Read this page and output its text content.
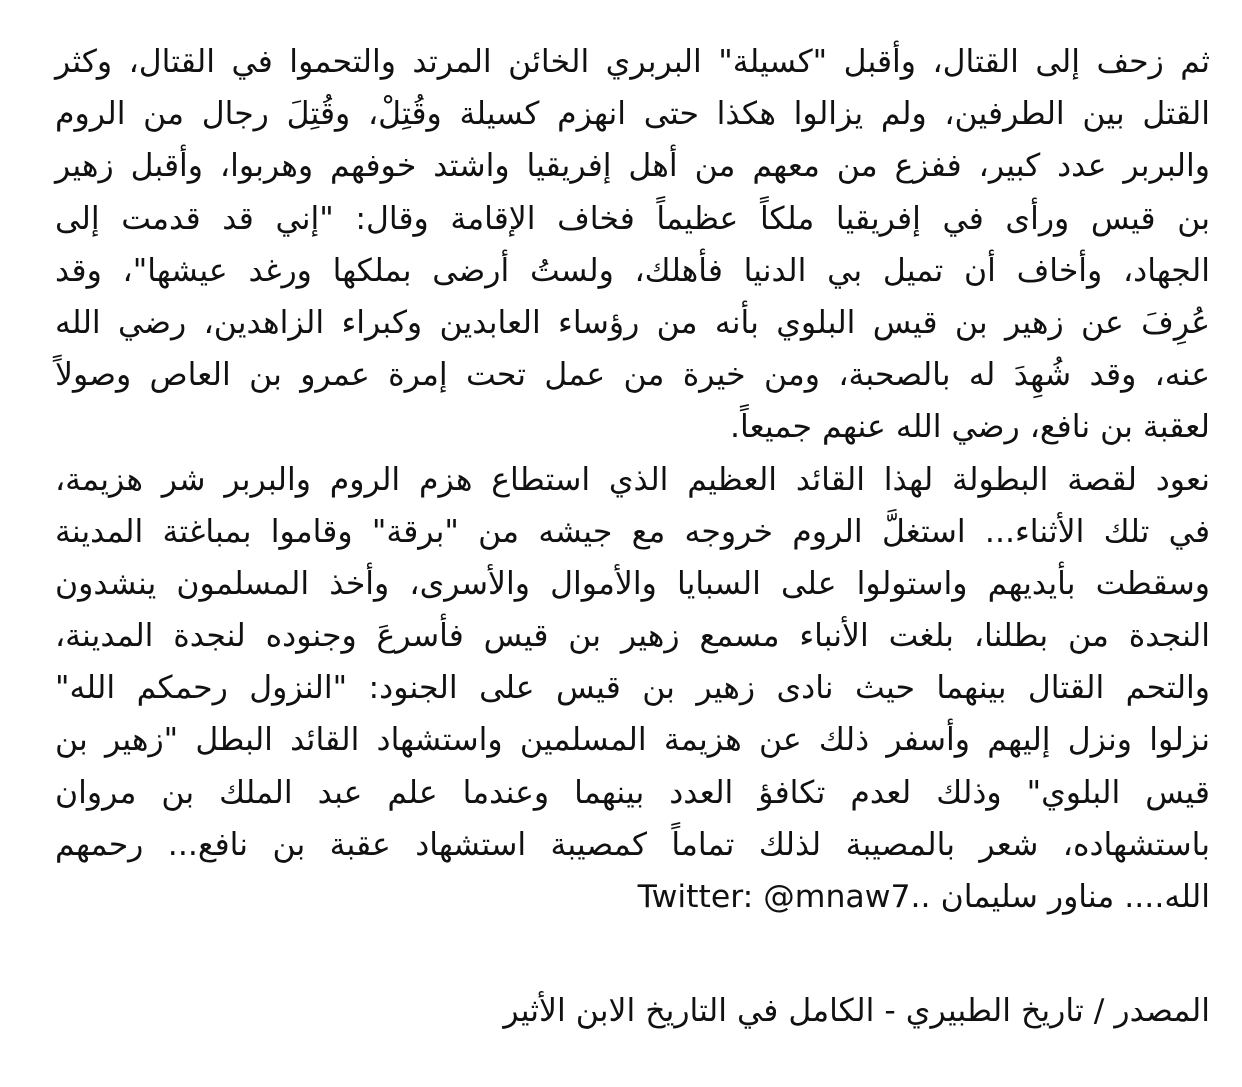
ثم زحف إلى القتال، وأقبل "كسيلة" البربري الخائن المرتد والتحموا في القتال، وكثر
القتل بين الطرفين، ولم يزالوا هكذا حتى انهزم كسيلة وقُتِلْ، وقُتِلَ رجال من الروم
والبربر عدد كبير، ففزع من معهم من أهل إفريقيا واشتد خوفهم وهربوا، وأقبل زهير
بن قيس ورأى في إفريقيا ملكاً عظيماً فخاف الإقامة وقال: "إني قد قدمت إلى
الجهاد، وأخاف أن تميل بي الدنيا فأهلك، ولستُ أرضى بملكها ورغد عيشها"، وقد
عُرِفَ عن زهير بن قيس البلوي بأنه من رؤساء العابدين وكبراء الزاهدين، رضي الله
عنه، وقد شُهِدَ له بالصحبة، ومن خيرة من عمل تحت إمرة عمرو بن العاص وصولاً
لعقبة بن نافع، رضي الله عنهم جميعاً.
نعود لقصة البطولة لهذا القائد العظيم الذي استطاع هزم الروم والبربر شر هزيمة،
في تلك الأثناء... استغلَّ الروم خروجه مع جيشه من "برقة" وقاموا بمباغتة المدينة
وسقطت بأيديهم واستولوا على السبايا والأموال والأسرى، وأخذ المسلمون ينشدون
النجدة من بطلنا، بلغت الأنباء مسمع زهير بن قيس فأسرعَ وجنوده لنجدة المدينة،
والتحم القتال بينهما حيث نادى زهير بن قيس على الجنود: "النزول رحمكم الله"
نزلوا ونزل إليهم وأسفر ذلك عن هزيمة المسلمين واستشهاد القائد البطل "زهير بن
قيس البلوي" وذلك لعدم تكافؤ العدد بينهما وعندما علم عبد الملك بن مروان
باستشهاده، شعر بالمصيبة لذلك تماماً كمصيبة استشهاد عقبة بن نافع... رحمهم
الله.... مناور سليمان ..Twitter: @mnaw7
المصدر / تاريخ الطبيري - الكامل في التاريخ الابن الأثير
